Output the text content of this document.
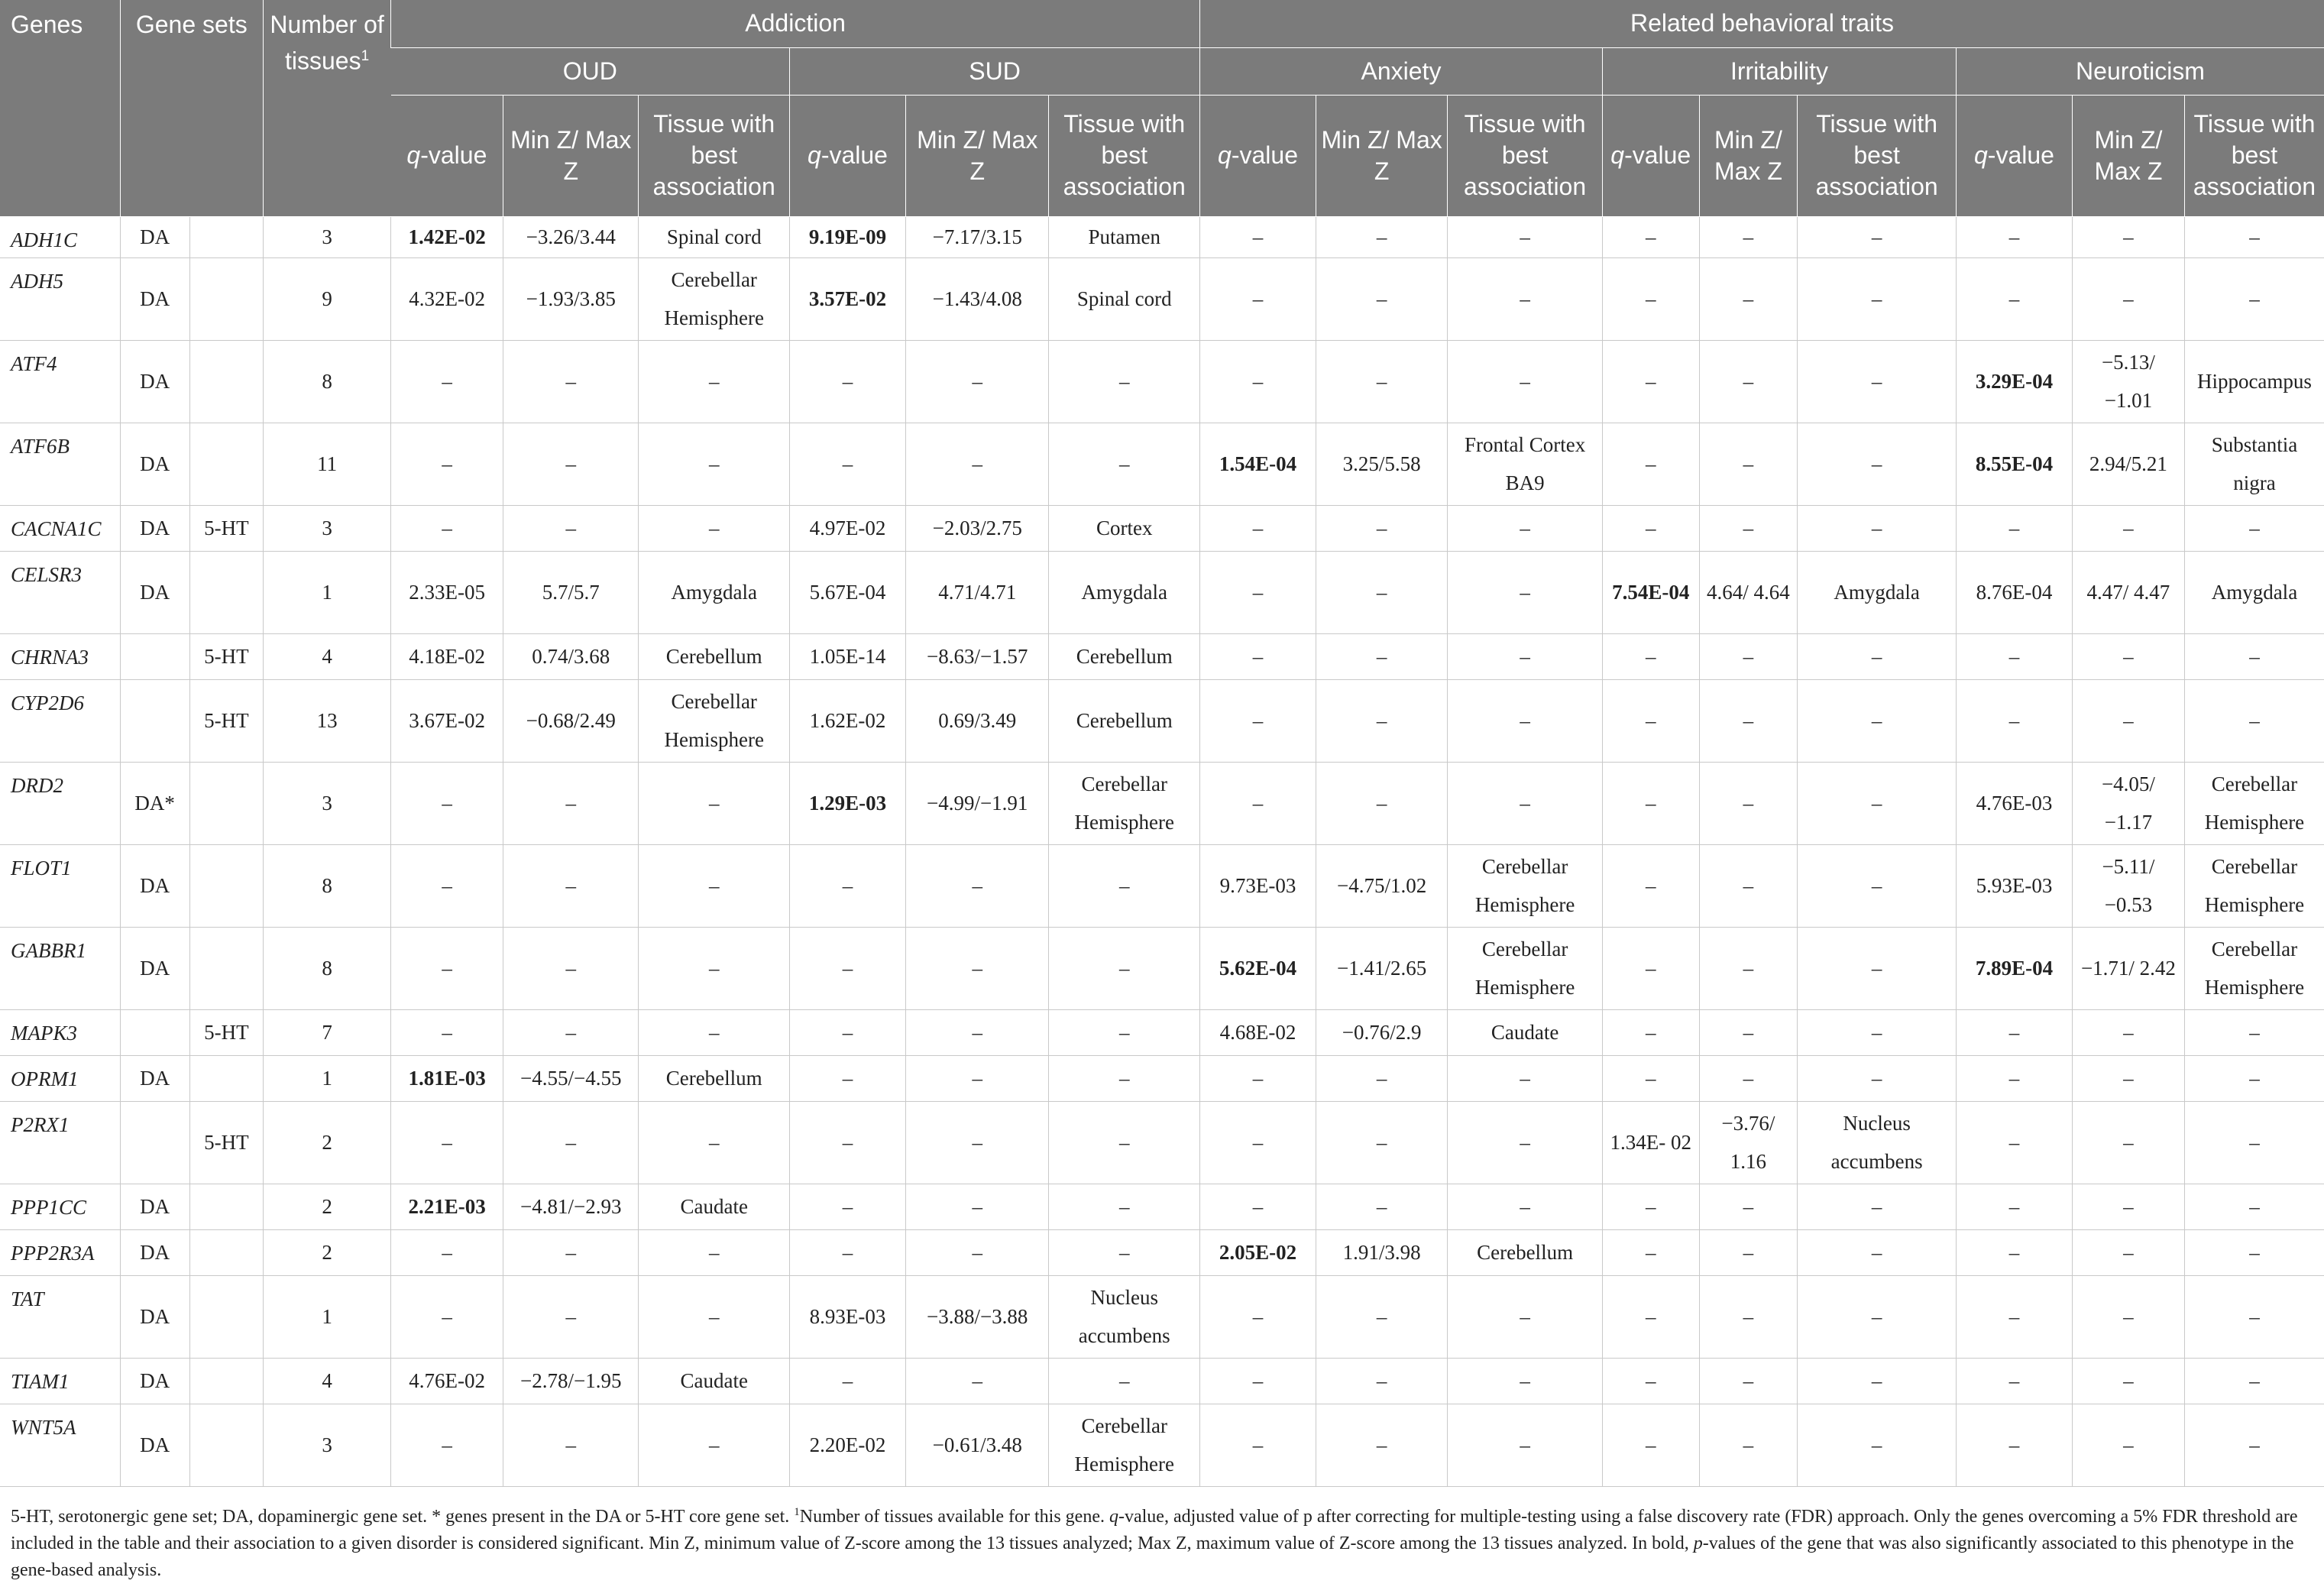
Genes	Gene sets		Number of tissues$^1$	Addiction						Related behavioral traits								
				OUD			SUD			Anxiety			Irritability			Neuroticism		
				q-value	Min Z/ Max Z	Tissue with best association	q-value	Min Z/ Max Z	Tissue with best association	q-value	Min Z/ Max Z	Tissue with best association	q-value	Min Z/ Max Z	Tissue with best association	q-value	Min Z/ Max Z	Tissue with best association
ADH1C	DA		3	1.42E-02	−3.26/3.44	Spinal cord	9.19E-09	−7.17/3.15	Putamen	–	–	–	–	–	–	–	–	–
ADH5	DA		9	4.32E-02	−1.93/3.85	Cerebellar Hemisphere	3.57E-02	−1.43/4.08	Spinal cord	–	–	–	–	–	–	–	–	–
ATF4	DA		8	–	–	–	–	–	–	–	–	–	–	–	–	3.29E-04	−5.13/ −1.01	Hippocampus
ATF6B	DA		11	–	–	–	–	–	–	1.54E-04	3.25/5.58	Frontal Cortex BA9	–	–	–	8.55E-04	2.94/5.21	Substantia nigra
CACNA1C	DA	5-HT	3	–	–	–	4.97E-02	−2.03/2.75	Cortex	–	–	–	–	–	–	–	–	–
CELSR3	DA		1	2.33E-05	5.7/5.7	Amygdala	5.67E-04	4.71/4.71	Amygdala	–	–	–	7.54E-04	4.64/ 4.64	Amygdala	8.76E-04	4.47/ 4.47	Amygdala
CHRNA3		5-HT	4	4.18E-02	0.74/3.68	Cerebellum	1.05E-14	−8.63/−1.57	Cerebellum	–	–	–	–	–	–	–	–	–
CYP2D6		5-HT	13	3.67E-02	−0.68/2.49	Cerebellar Hemisphere	1.62E-02	0.69/3.49	Cerebellum	–	–	–	–	–	–	–	–	–
DRD2	DA*		3	–	–	–	1.29E-03	−4.99/−1.91	Cerebellar Hemisphere	–	–	–	–	–	–	4.76E-03	−4.05/ −1.17	Cerebellar Hemisphere
FLOT1	DA		8	–	–	–	–	–	–	9.73E-03	−4.75/1.02	Cerebellar Hemisphere	–	–	–	5.93E-03	−5.11/ −0.53	Cerebellar Hemisphere
GABBR1	DA		8	–	–	–	–	–	–	5.62E-04	−1.41/2.65	Cerebellar Hemisphere	–	–	–	7.89E-04	−1.71/ 2.42	Cerebellar Hemisphere
MAPK3		5-HT	7	–	–	–	–	–	–	4.68E-02	−0.76/2.9	Caudate	–	–	–	–	–	–
OPRM1	DA		1	1.81E-03	−4.55/−4.55	Cerebellum	–	–	–	–	–	–	–	–	–	–	–	–
P2RX1		5-HT	2	–	–	–	–	–	–	–	–	–	1.34E- 02	−3.76/ 1.16	Nucleus accumbens	–	–	–
PPP1CC	DA		2	2.21E-03	−4.81/−2.93	Caudate	–	–	–	–	–	–	–	–	–	–	–	–
PPP2R3A	DA		2	–	–	–	–	–	–	2.05E-02	1.91/3.98	Cerebellum	–	–	–	–	–	–
TAT	DA		1	–	–	–	8.93E-03	−3.88/−3.88	Nucleus accumbens	–	–	–	–	–	–	–	–	–
TIAM1	DA		4	4.76E-02	−2.78/−1.95	Caudate	–	–	–	–	–	–	–	–	–	–	–	–
WNT5A	DA		3	–	–	–	2.20E-02	−0.61/3.48	Cerebellar Hemisphere	–	–	–	–	–	–	–	–	–
5-HT, serotonergic gene set; DA, dopaminergic gene set. * genes present in the DA or 5-HT core gene set. $^1$Number of tissues available for this gene. q-value, adjusted value of p after correcting for multiple-testing using a false discovery rate (FDR) approach. Only the genes overcoming a 5% FDR threshold are included in the table and their association to a given disorder is considered significant. Min Z, minimum value of Z-score among the 13 tissues analyzed; Max Z, maximum value of Z-score among the 13 tissues analyzed. In bold, p-values of the gene that was also significantly associated to this phenotype in the gene-based analysis.
